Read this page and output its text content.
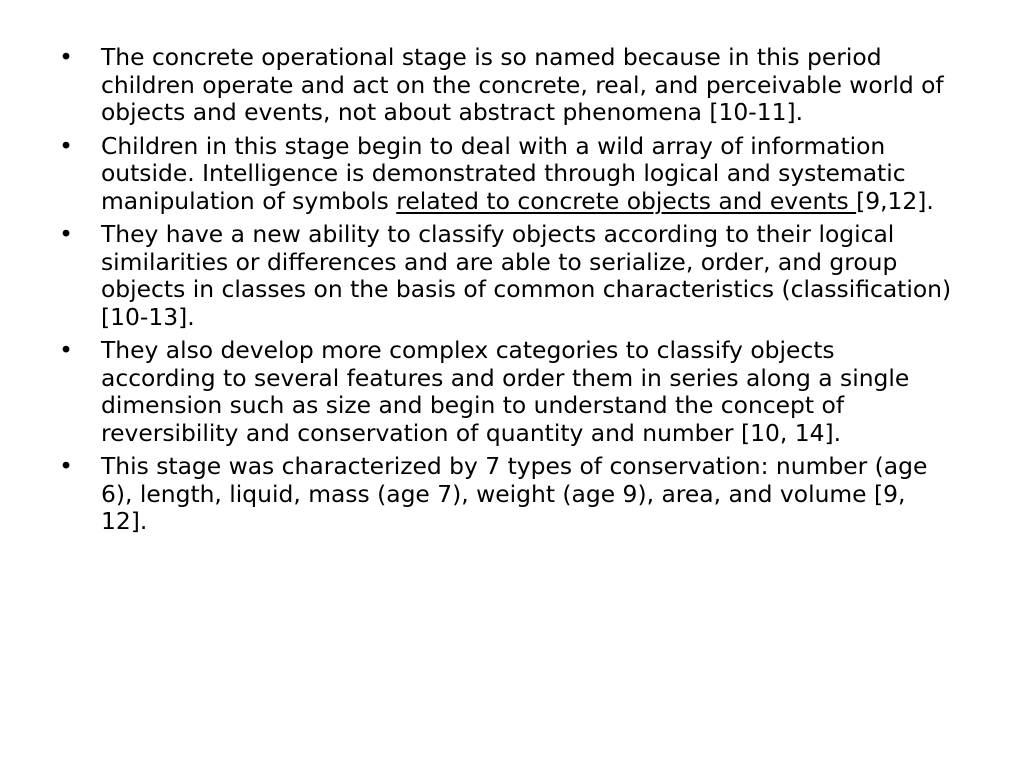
• The concrete operational stage is so named because in this period children operate and act on the concrete, real, and perceivable world of objects and events, not about abstract phenomena [10-11].
• Children in this stage begin to deal with a wild array of information outside. Intelligence is demonstrated through logical and systematic manipulation of symbols related to concrete objects and events [9,12].
• They have a new ability to classify objects according to their logical similarities or differences and are able to serialize, order, and group objects in classes on the basis of common characteristics (classification) [10-13].
• They also develop more complex categories to classify objects according to several features and order them in series along a single dimension such as size and begin to understand the concept of reversibility and conservation of quantity and number [10, 14].
• This stage was characterized by 7 types of conservation: number (age 6), length, liquid, mass (age 7), weight (age 9), area, and volume [9, 12].
